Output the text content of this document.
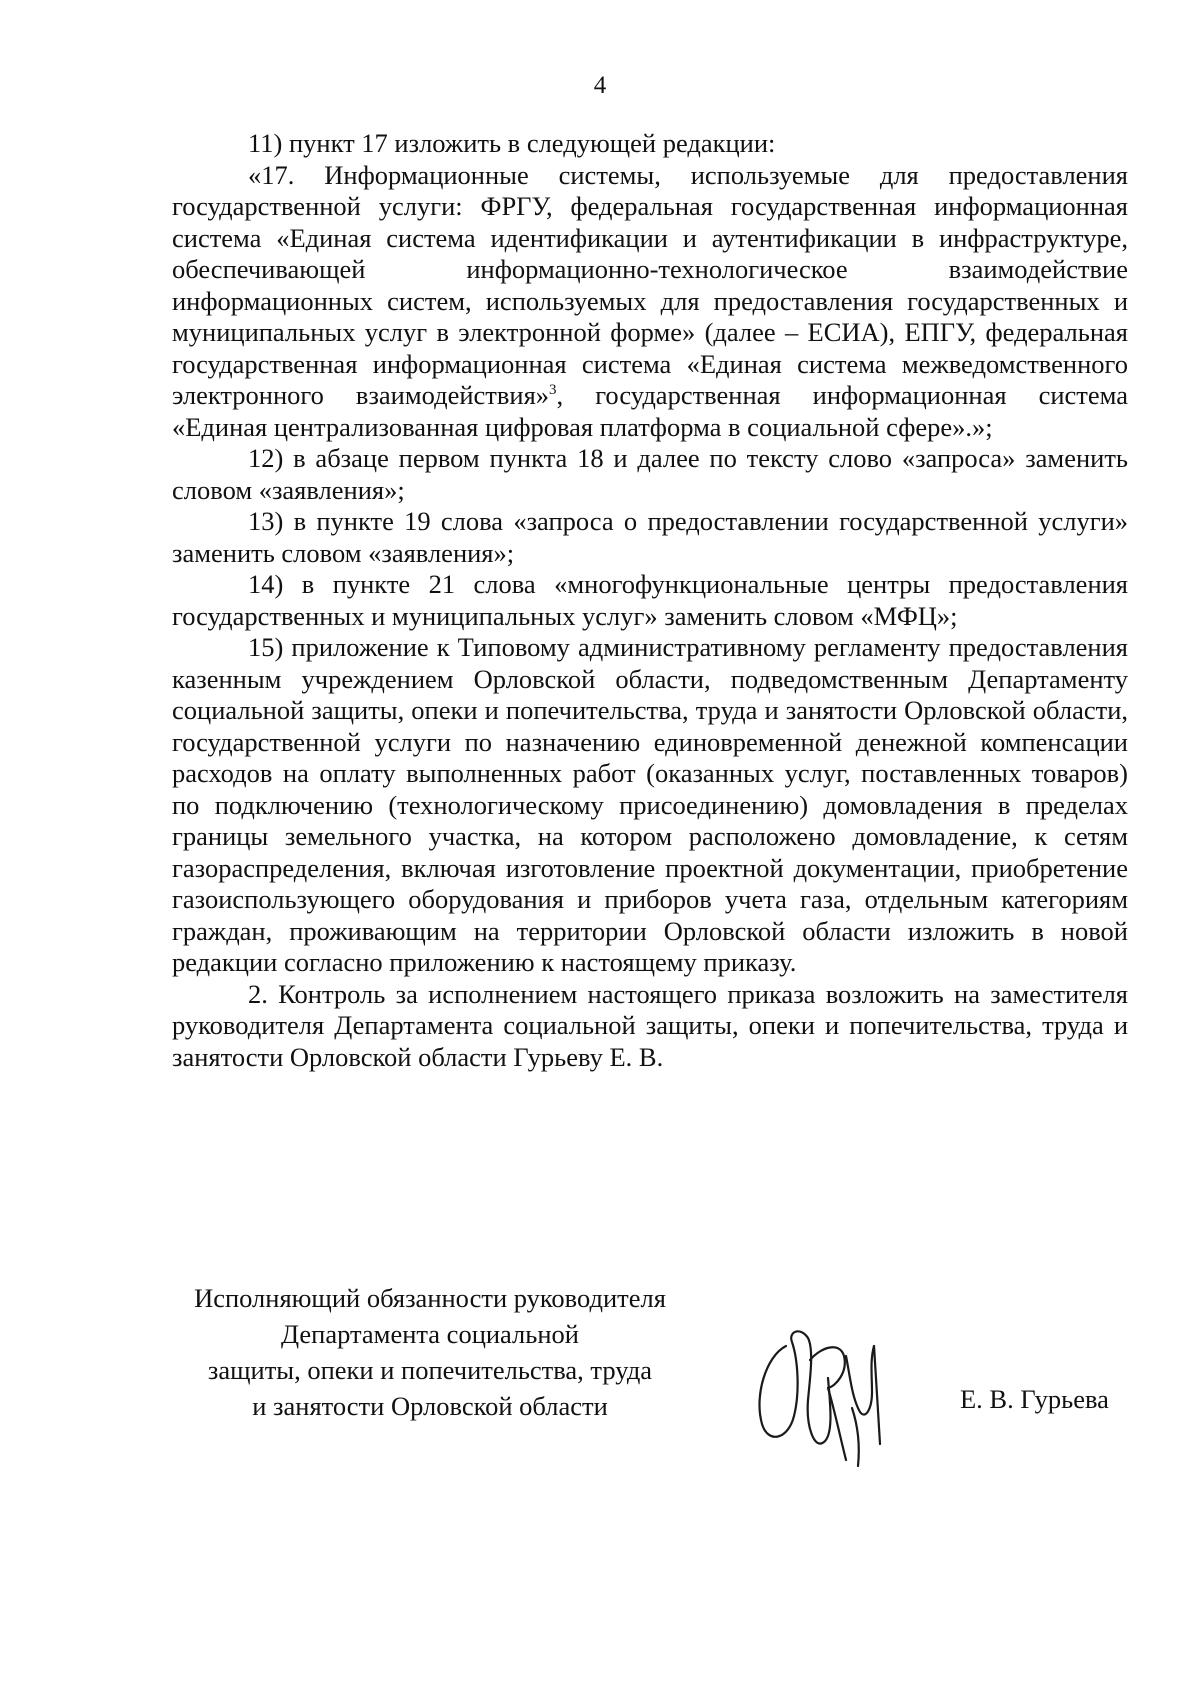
4

11) пункт 17 изложить в следующей редакции:

«17. Информационные системы, используемые для предоставления государственной услуги: ФРГУ, федеральная государственная информационная система «Единая система идентификации и аутентификации в инфраструктуре, обеспечивающей информационно-технологическое взаимодействие информационных систем, используемых для предоставления государственных и муниципальных услуг в электронной форме» (далее – ЕСИА), ЕПГУ, федеральная государственная информационная система «Единая система межведомственного электронного взаимодействия»$^3$, государственная информационная система «Единая централизованная цифровая платформа в социальной сфере».»;

12) в абзаце первом пункта 18 и далее по тексту слово «запроса» заменить словом «заявления»;

13) в пункте 19 слова «запроса о предоставлении государственной услуги» заменить словом «заявления»;

14) в пункте 21 слова «многофункциональные центры предоставления государственных и муниципальных услуг» заменить словом «МФЦ»;

15) приложение к Типовому административному регламенту предоставления казенным учреждением Орловской области, подведомственным Департаменту социальной защиты, опеки и попечительства, труда и занятости Орловской области, государственной услуги по назначению единовременной денежной компенсации расходов на оплату выполненных работ (оказанных услуг, поставленных товаров) по подключению (технологическому присоединению) домовладения в пределах границы земельного участка, на котором расположено домовладение, к сетям газораспределения, включая изготовление проектной документации, приобретение газоиспользующего оборудования и приборов учета газа, отдельным категориям граждан, проживающим на территории Орловской области изложить в новой редакции согласно приложению к настоящему приказу.

2. Контроль за исполнением настоящего приказа возложить на заместителя руководителя Департамента социальной защиты, опеки и попечительства, труда и занятости Орловской области Гурьеву Е. В.

Исполняющий обязанности руководителя
Департамента социальной
защиты, опеки и попечительства, труда
и занятости Орловской области	Е. В. Гурьева
